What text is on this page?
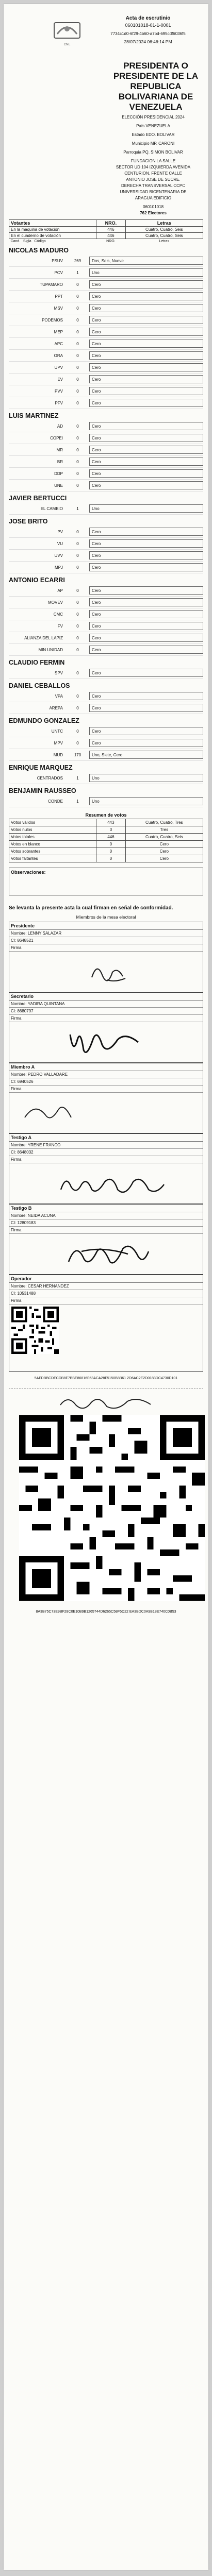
CNE
Acta de escrutinio
060101018-01-1-0001
7734c1d0-6f29-4b60-a7bd-695cdf6036f5
28/07/2024 06:46:14 PM
PRESIDENTA O
PRESIDENTE DE LA
REPUBLICA
BOLIVARIANA DE
VENEZUELA
ELECCIÓN PRESIDENCIAL 2024
País VENEZUELA
Estado EDO. BOLIVAR
Municipio MP. CARONI
Parroquia PQ. SIMON BOLIVAR
FUNDACION LA SALLE
SECTOR UD 104 IZQUIERDA AVENIDA
CENTURION. FRENTE CALLE
ANTONIO JOSE DE SUCRE.
DERECHA TRANSVERSAL CCPC
UNIVERSIDAD BICENTENARIA DE
ARAGUA EDIFICIO
060101018
762 Electores
Votantes	NRO.	Letras
En la maquina de votación	446	Cuatro, Cuatro, Seis
En el cuaderno de votación	446	Cuatro, Cuatro, Seis
Cand. Sigla Código	NRO.	Letras
NICOLAS MADURO
PSUV	269	Dos, Seis, Nueve
PCV	1	Uno
TUPAMARO	0	Cero
PPT	0	Cero
MSV	0	Cero
PODEMOS	0	Cero
MEP	0	Cero
APC	0	Cero
ORA	0	Cero
UPV	0	Cero
EV	0	Cero
PVV	0	Cero
PFV	0	Cero
LUIS MARTINEZ
AD	0	Cero
COPEI	0	Cero
MR	0	Cero
BR	0	Cero
DDP	0	Cero
UNE	0	Cero
JAVIER BERTUCCI
EL CAMBIO	1	Uno
JOSE BRITO
PV	0	Cero
VU	0	Cero
UVV	0	Cero
MPJ	0	Cero
ANTONIO ECARRI
AP	0	Cero
MOVEV	0	Cero
CMC	0	Cero
FV	0	Cero
ALIANZA DEL LAPIZ	0	Cero
MIN UNIDAD	0	Cero
CLAUDIO FERMIN
SPV	0	Cero
DANIEL CEBALLOS
VPA	0	Cero
AREPA	0	Cero
EDMUNDO GONZALEZ
UNTC	0	Cero
MPV	0	Cero
MUD	170	Uno, Siete, Cero
ENRIQUE MARQUEZ
CENTRADOS	1	Uno
BENJAMIN RAUSSEO
CONDE	1	Uno
Resumen de votos
Votos válidos	443	Cuatro, Cuatro, Tres
Votos nulos	3	Tres
Votos totales	446	Cuatro, Cuatro, Seis
Votos en blanco	0	Cero
Votos sobrantes	0	Cero
Votos faltantes	0	Cero
Observaciones:
Se levanta la presente acta la cual firman en señal de conformidad.
Miembros de la mesa electoral
Presidente
Nombre: LENNY SALAZAR
CI: 8648521
Firma
Secretario
Nombre: YADIRA QUINTANA
CI: 8680797
Firma
Miembro A
Nombre: PEDRO VALLADARE
CI: 6940526
Firma
Testigo A
Nombre: YRENE FRANCO
CI: 8648032
Firma
Testigo B
Nombre: NEIDA ACUNA
CI: 12809183
Firma
Operador
Nombre: CESAR HERNANDEZ
CI: 10531488
Firma
5AFDBBCDECDB8F7BBE86816F63ACA28F5150B8B61 2D6AC2E2D0183DC4730D101
8A3B75C73E9BF28C0E10B9B1265744D6265C58F5D22 EA3BDC0A9B18E740C0B53
